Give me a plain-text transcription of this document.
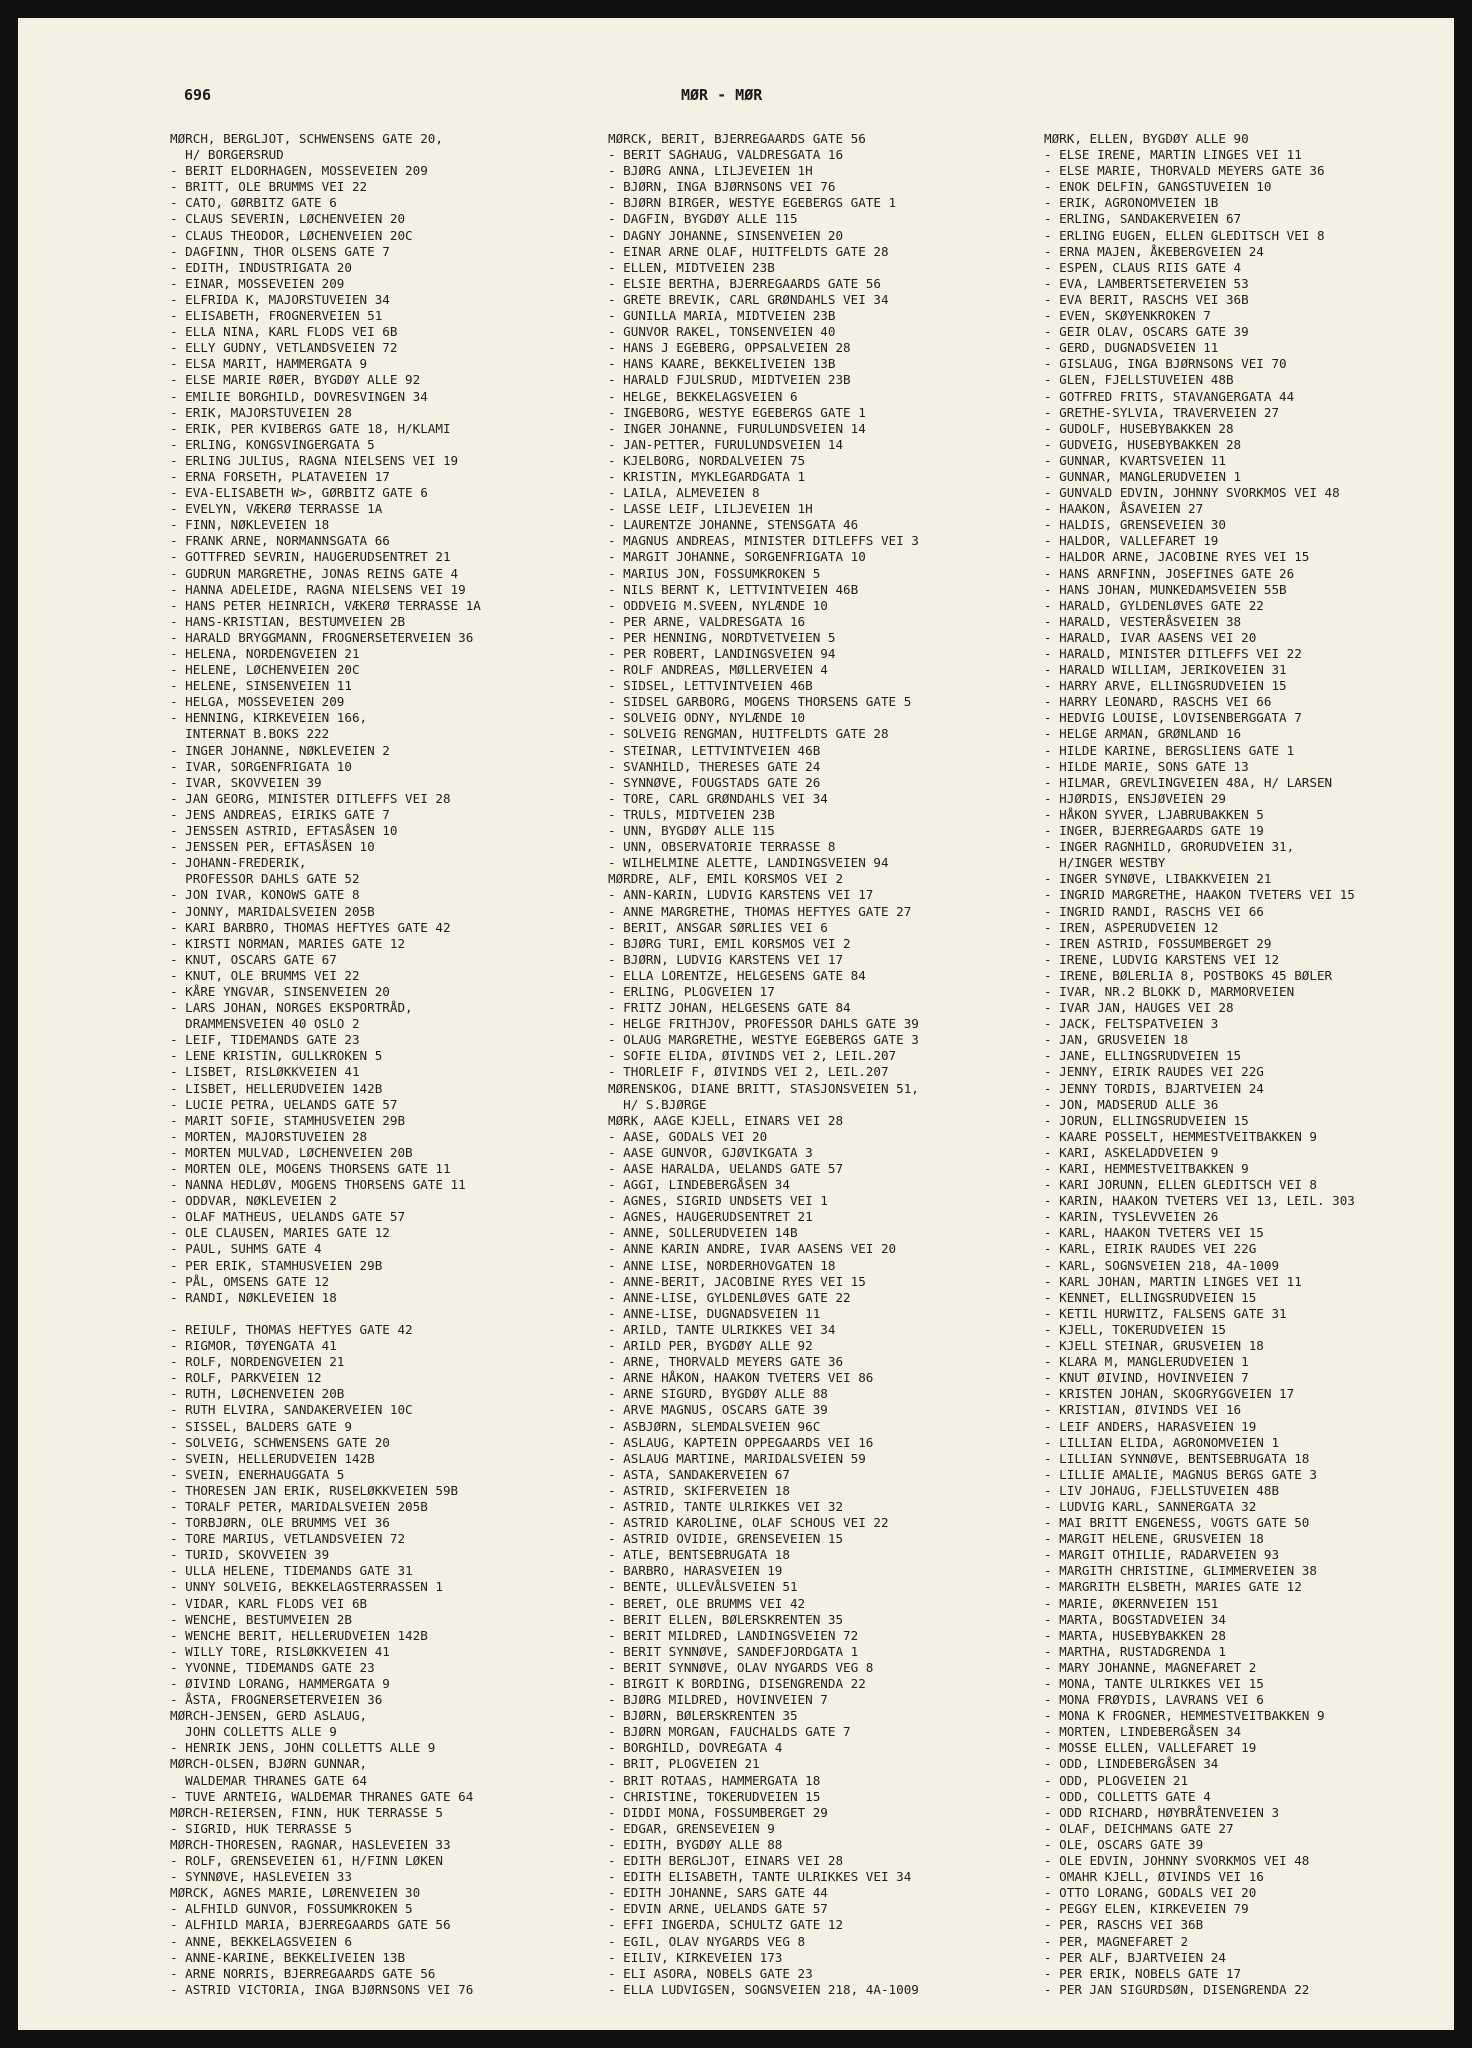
696	MØR - MØR
MØRCH, BERGLJOT, SCHWENSENS GATE 20,
H/ BORGERSRUD
- BERIT ELDORHAGEN, MOSSEVEIEN 209
- BRITT, OLE BRUMMS VEI 22
- CATO, GØRBITZ GATE 6
- CLAUS SEVERIN, LØCHENVEIEN 20
- CLAUS THEODOR, LØCHENVEIEN 20C
- DAGFINN, THOR OLSENS GATE 7
- EDITH, INDUSTRIGATA 20
- EINAR, MOSSEVEIEN 209
- ELFRIDA K, MAJORSTUVEIEN 34
- ELISABETH, FROGNERVEIEN 51
- ELLA NINA, KARL FLODS VEI 6B
- ELLY GUDNY, VETLANDSVEIEN 72
- ELSA MARIT, HAMMERGATA 9
- ELSE MARIE RØER, BYGDØY ALLE 92
- EMILIE BORGHILD, DOVRESVINGEN 34
- ERIK, MAJORSTUVEIEN 28
- ERIK, PER KVIBERGS GATE 18, H/KLAMI
- ERLING, KONGSVINGERGATA 5
- ERLING JULIUS, RAGNA NIELSENS VEI 19
- ERNA FORSETH, PLATAVEIEN 17
- EVA-ELISABETH W>, GØRBITZ GATE 6
- EVELYN, VÆKERØ TERRASSE 1A
- FINN, NØKLEVEIEN 18
- FRANK ARNE, NORMANNSGATA 66
- GOTTFRED SEVRIN, HAUGERUDSENTRET 21
- GUDRUN MARGRETHE, JONAS REINS GATE 4
- HANNA ADELEIDE, RAGNA NIELSENS VEI 19
- HANS PETER HEINRICH, VÆKERØ TERRASSE 1A
- HANS-KRISTIAN, BESTUMVEIEN 2B
- HARALD BRYGGMANN, FROGNERSETERVEIEN 36
- HELENA, NORDENGVEIEN 21
- HELENE, LØCHENVEIEN 20C
- HELENE, SINSENVEIEN 11
- HELGA, MOSSEVEIEN 209
- HENNING, KIRKEVEIEN 166,
INTERNAT B.BOKS 222
- INGER JOHANNE, NØKLEVEIEN 2
- IVAR, SORGENFRIGATA 10
- IVAR, SKOVVEIEN 39
- JAN GEORG, MINISTER DITLEFFS VEI 28
- JENS ANDREAS, EIRIKS GATE 7
- JENSSEN ASTRID, EFTASÅSEN 10
- JENSSEN PER, EFTASÅSEN 10
- JOHANN-FREDERIK,
PROFESSOR DAHLS GATE 52
- JON IVAR, KONOWS GATE 8
- JONNY, MARIDALSVEIEN 205B
- KARI BARBRO, THOMAS HEFTYES GATE 42
- KIRSTI NORMAN, MARIES GATE 12
- KNUT, OSCARS GATE 67
- KNUT, OLE BRUMMS VEI 22
- KÅRE YNGVAR, SINSENVEIEN 20
- LARS JOHAN, NORGES EKSPORTRÅD,
DRAMMENSVEIEN 40 OSLO 2
- LEIF, TIDEMANDS GATE 23
- LENE KRISTIN, GULLKROKEN 5
- LISBET, RISLØKKVEIEN 41
- LISBET, HELLERUDVEIEN 142B
- LUCIE PETRA, UELANDS GATE 57
- MARIT SOFIE, STAMHUSVEIEN 29B
- MORTEN, MAJORSTUVEIEN 28
- MORTEN MULVAD, LØCHENVEIEN 20B
- MORTEN OLE, MOGENS THORSENS GATE 11
- NANNA HEDLØV, MOGENS THORSENS GATE 11
- ODDVAR, NØKLEVEIEN 2
- OLAF MATHEUS, UELANDS GATE 57
- OLE CLAUSEN, MARIES GATE 12
- PAUL, SUHMS GATE 4
- PER ERIK, STAMHUSVEIEN 29B
- PÅL, OMSENS GATE 12
- RANDI, NØKLEVEIEN 18
- REIULF, THOMAS HEFTYES GATE 42
- RIGMOR, TØYENGATA 41
- ROLF, NORDENGVEIEN 21
- ROLF, PARKVEIEN 12
- RUTH, LØCHENVEIEN 20B
- RUTH ELVIRA, SANDAKERVEIEN 10C
- SISSEL, BALDERS GATE 9
- SOLVEIG, SCHWENSENS GATE 20
- SVEIN, HELLERUDVEIEN 142B
- SVEIN, ENERHAUGGATA 5
- THORESEN JAN ERIK, RUSELØKKVEIEN 59B
- TORALF PETER, MARIDALSVEIEN 205B
- TORBJØRN, OLE BRUMMS VEI 36
- TORE MARIUS, VETLANDSVEIEN 72
- TURID, SKOVVEIEN 39
- ULLA HELENE, TIDEMANDS GATE 31
- UNNY SOLVEIG, BEKKELAGSTERRASSEN 1
- VIDAR, KARL FLODS VEI 6B
- WENCHE, BESTUMVEIEN 2B
- WENCHE BERIT, HELLERUDVEIEN 142B
- WILLY TORE, RISLØKKVEIEN 41
- YVONNE, TIDEMANDS GATE 23
- ØIVIND LORANG, HAMMERGATA 9
- ÅSTA, FROGNERSETERVEIEN 36
MØRCH-JENSEN, GERD ASLAUG,
JOHN COLLETTS ALLE 9
- HENRIK JENS, JOHN COLLETTS ALLE 9
MØRCH-OLSEN, BJØRN GUNNAR,
WALDEMAR THRANES GATE 64
- TUVE ARNTEIG, WALDEMAR THRANES GATE 64
MØRCH-REIERSEN, FINN, HUK TERRASSE 5
- SIGRID, HUK TERRASSE 5
MØRCH-THORESEN, RAGNAR, HASLEVEIEN 33
- ROLF, GRENSEVEIEN 61, H/FINN LØKEN
- SYNNØVE, HASLEVEIEN 33
MØRCK, AGNES MARIE, LØRENVEIEN 30
- ALFHILD GUNVOR, FOSSUMKROKEN 5
- ALFHILD MARIA, BJERREGAARDS GATE 56
- ANNE, BEKKELAGSVEIEN 6
- ANNE-KARINE, BEKKELIVEIEN 13B
- ARNE NORRIS, BJERREGAARDS GATE 56
- ASTRID VICTORIA, INGA BJØRNSONS VEI 76
MØRCK, BERIT, BJERREGAARDS GATE 56
- BERIT SAGHAUG, VALDRESGATA 16
- BJØRG ANNA, LILJEVEIEN 1H
- BJØRN, INGA BJØRNSONS VEI 76
- BJØRN BIRGER, WESTYE EGEBERGS GATE 1
- DAGFIN, BYGDØY ALLE 115
- DAGNY JOHANNE, SINSENVEIEN 20
- EINAR ARNE OLAF, HUITFELDTS GATE 28
- ELLEN, MIDTVEIEN 23B
- ELSIE BERTHA, BJERREGAARDS GATE 56
- GRETE BREVIK, CARL GRØNDAHLS VEI 34
- GUNILLA MARIA, MIDTVEIEN 23B
- GUNVOR RAKEL, TONSENVEIEN 40
- HANS J EGEBERG, OPPSALVEIEN 28
- HANS KAARE, BEKKELIVEIEN 13B
- HARALD FJULSRUD, MIDTVEIEN 23B
- HELGE, BEKKELAGSVEIEN 6
- INGEBORG, WESTYE EGEBERGS GATE 1
- INGER JOHANNE, FURULUNDSVEIEN 14
- JAN-PETTER, FURULUNDSVEIEN 14
- KJELBORG, NORDALVEIEN 75
- KRISTIN, MYKLEGARDGATA 1
- LAILA, ALMEVEIEN 8
- LASSE LEIF, LILJEVEIEN 1H
- LAURENTZE JOHANNE, STENSGATA 46
- MAGNUS ANDREAS, MINISTER DITLEFFS VEI 3
- MARGIT JOHANNE, SORGENFRIGATA 10
- MARIUS JON, FOSSUMKROKEN 5
- NILS BERNT K, LETTVINTVEIEN 46B
- ODDVEIG M.SVEEN, NYLÆNDE 10
- PER ARNE, VALDRESGATA 16
- PER HENNING, NORDTVETVEIEN 5
- PER ROBERT, LANDINGSVEIEN 94
- ROLF ANDREAS, MØLLERVEIEN 4
- SIDSEL, LETTVINTVEIEN 46B
- SIDSEL GARBORG, MOGENS THORSENS GATE 5
- SOLVEIG ODNY, NYLÆNDE 10
- SOLVEIG RENGMAN, HUITFELDTS GATE 28
- STEINAR, LETTVINTVEIEN 46B
- SVANHILD, THERESES GATE 24
- SYNNØVE, FOUGSTADS GATE 26
- TORE, CARL GRØNDAHLS VEI 34
- TRULS, MIDTVEIEN 23B
- UNN, BYGDØY ALLE 115
- UNN, OBSERVATORIE TERRASSE 8
- WILHELMINE ALETTE, LANDINGSVEIEN 94
MØRDRE, ALF, EMIL KORSMOS VEI 2
- ANN-KARIN, LUDVIG KARSTENS VEI 17
- ANNE MARGRETHE, THOMAS HEFTYES GATE 27
- BERIT, ANSGAR SØRLIES VEI 6
- BJØRG TURI, EMIL KORSMOS VEI 2
- BJØRN, LUDVIG KARSTENS VEI 17
- ELLA LORENTZE, HELGESENS GATE 84
- ERLING, PLOGVEIEN 17
- FRITZ JOHAN, HELGESENS GATE 84
- HELGE FRITHJOV, PROFESSOR DAHLS GATE 39
- OLAUG MARGRETHE, WESTYE EGEBERGS GATE 3
- SOFIE ELIDA, ØIVINDS VEI 2, LEIL.207
- THORLEIF F, ØIVINDS VEI 2, LEIL.207
MØRENSKOG, DIANE BRITT, STASJONSVEIEN 51,
H/ S.BJØRGE
MØRK, AAGE KJELL, EINARS VEI 28
- AASE, GODALS VEI 20
- AASE GUNVOR, GJØVIKGATA 3
- AASE HARALDA, UELANDS GATE 57
- AGGI, LINDEBERGÅSEN 34
- AGNES, SIGRID UNDSETS VEI 1
- AGNES, HAUGERUDSENTRET 21
- ANNE, SOLLERUDVEIEN 14B
- ANNE KARIN ANDRE, IVAR AASENS VEI 20
- ANNE LISE, NORDERHOVGATEN 18
- ANNE-BERIT, JACOBINE RYES VEI 15
- ANNE-LISE, GYLDENLØVES GATE 22
- ANNE-LISE, DUGNADSVEIEN 11
- ARILD, TANTE ULRIKKES VEI 34
- ARILD PER, BYGDØY ALLE 92
- ARNE, THORVALD MEYERS GATE 36
- ARNE HÅKON, HAAKON TVETERS VEI 86
- ARNE SIGURD, BYGDØY ALLE 88
- ARVE MAGNUS, OSCARS GATE 39
- ASBJØRN, SLEMDALSVEIEN 96C
- ASLAUG, KAPTEIN OPPEGAARDS VEI 16
- ASLAUG MARTINE, MARIDALSVEIEN 59
- ASTA, SANDAKERVEIEN 67
- ASTRID, SKIFERVEIEN 18
- ASTRID, TANTE ULRIKKES VEI 32
- ASTRID KAROLINE, OLAF SCHOUS VEI 22
- ASTRID OVIDIE, GRENSEVEIEN 15
- ATLE, BENTSEBRUGATA 18
- BARBRO, HARASVEIEN 19
- BENTE, ULLEVÅLSVEIEN 51
- BERET, OLE BRUMMS VEI 42
- BERIT ELLEN, BØLERSKRENTEN 35
- BERIT MILDRED, LANDINGSVEIEN 72
- BERIT SYNNØVE, SANDEFJORDGATA 1
- BERIT SYNNØVE, OLAV NYGARDS VEG 8
- BIRGIT K BORDING, DISENGRENDA 22
- BJØRG MILDRED, HOVINVEIEN 7
- BJØRN, BØLERSKRENTEN 35
- BJØRN MORGAN, FAUCHALDS GATE 7
- BORGHILD, DOVREGATA 4
- BRIT, PLOGVEIEN 21
- BRIT ROTAAS, HAMMERGATA 18
- CHRISTINE, TOKERUDVEIEN 15
- DIDDI MONA, FOSSUMBERGET 29
- EDGAR, GRENSEVEIEN 9
- EDITH, BYGDØY ALLE 88
- EDITH BERGLJOT, EINARS VEI 28
- EDITH ELISABETH, TANTE ULRIKKES VEI 34
- EDITH JOHANNE, SARS GATE 44
- EDVIN ARNE, UELANDS GATE 57
- EFFI INGERDA, SCHULTZ GATE 12
- EGIL, OLAV NYGARDS VEG 8
- EILIV, KIRKEVEIEN 173
- ELI ASORA, NOBELS GATE 23
- ELLA LUDVIGSEN, SOGNSVEIEN 218, 4A-1009
MØRK, ELLEN, BYGDØY ALLE 90
- ELSE IRENE, MARTIN LINGES VEI 11
- ELSE MARIE, THORVALD MEYERS GATE 36
- ENOK DELFIN, GANGSTUVEIEN 10
- ERIK, AGRONOMVEIEN 1B
- ERLING, SANDAKERVEIEN 67
- ERLING EUGEN, ELLEN GLEDITSCH VEI 8
- ERNA MAJEN, ÅKEBERGVEIEN 24
- ESPEN, CLAUS RIIS GATE 4
- EVA, LAMBERTSETERVEIEN 53
- EVA BERIT, RASCHS VEI 36B
- EVEN, SKØYENKROKEN 7
- GEIR OLAV, OSCARS GATE 39
- GERD, DUGNADSVEIEN 11
- GISLAUG, INGA BJØRNSONS VEI 70
- GLEN, FJELLSTUVEIEN 48B
- GOTFRED FRITS, STAVANGERGATA 44
- GRETHE-SYLVIA, TRAVERVEIEN 27
- GUDOLF, HUSEBYBAKKEN 28
- GUDVEIG, HUSEBYBAKKEN 28
- GUNNAR, KVARTSVEIEN 11
- GUNNAR, MANGLERUDVEIEN 1
- GUNVALD EDVIN, JOHNNY SVORKMOS VEI 48
- HAAKON, ÅSAVEIEN 27
- HALDIS, GRENSEVEIEN 30
- HALDOR, VALLEFARET 19
- HALDOR ARNE, JACOBINE RYES VEI 15
- HANS ARNFINN, JOSEFINES GATE 26
- HANS JOHAN, MUNKEDAMSVEIEN 55B
- HARALD, GYLDENLØVES GATE 22
- HARALD, VESTERÅSVEIEN 38
- HARALD, IVAR AASENS VEI 20
- HARALD, MINISTER DITLEFFS VEI 22
- HARALD WILLIAM, JERIKOVEIEN 31
- HARRY ARVE, ELLINGSRUDVEIEN 15
- HARRY LEONARD, RASCHS VEI 66
- HEDVIG LOUISE, LOVISENBERGGATA 7
- HELGE ARMAN, GRØNLAND 16
- HILDE KARINE, BERGSLIENS GATE 1
- HILDE MARIE, SONS GATE 13
- HILMAR, GREVLINGVEIEN 48A, H/ LARSEN
- HJØRDIS, ENSJØVEIEN 29
- HÅKON SYVER, LJABRUBAKKEN 5
- INGER, BJERREGAARDS GATE 19
- INGER RAGNHILD, GRORUDVEIEN 31,
H/INGER WESTBY
- INGER SYNØVE, LIBAKKVEIEN 21
- INGRID MARGRETHE, HAAKON TVETERS VEI 15
- INGRID RANDI, RASCHS VEI 66
- IREN, ASPERUDVEIEN 12
- IREN ASTRID, FOSSUMBERGET 29
- IRENE, LUDVIG KARSTENS VEI 12
- IRENE, BØLERLIA 8, POSTBOKS 45 BØLER
- IVAR, NR.2 BLOKK D, MARMORVEIEN
- IVAR JAN, HAUGES VEI 28
- JACK, FELTSPATVEIEN 3
- JAN, GRUSVEIEN 18
- JANE, ELLINGSRUDVEIEN 15
- JENNY, EIRIK RAUDES VEI 22G
- JENNY TORDIS, BJARTVEIEN 24
- JON, MADSERUD ALLE 36
- JORUN, ELLINGSRUDVEIEN 15
- KAARE POSSELT, HEMMESTVEITBAKKEN 9
- KARI, ASKELADDVEIEN 9
- KARI, HEMMESTVEITBAKKEN 9
- KARI JORUNN, ELLEN GLEDITSCH VEI 8
- KARIN, HAAKON TVETERS VEI 13, LEIL. 303
- KARIN, TYSLEVVEIEN 26
- KARL, HAAKON TVETERS VEI 15
- KARL, EIRIK RAUDES VEI 22G
- KARL, SOGNSVEIEN 218, 4A-1009
- KARL JOHAN, MARTIN LINGES VEI 11
- KENNET, ELLINGSRUDVEIEN 15
- KETIL HURWITZ, FALSENS GATE 31
- KJELL, TOKERUDVEIEN 15
- KJELL STEINAR, GRUSVEIEN 18
- KLARA M, MANGLERUDVEIEN 1
- KNUT ØIVIND, HOVINVEIEN 7
- KRISTEN JOHAN, SKOGRYGGVEIEN 17
- KRISTIAN, ØIVINDS VEI 16
- LEIF ANDERS, HARASVEIEN 19
- LILLIAN ELIDA, AGRONOMVEIEN 1
- LILLIAN SYNNØVE, BENTSEBRUGATA 18
- LILLIE AMALIE, MAGNUS BERGS GATE 3
- LIV JOHAUG, FJELLSTUVEIEN 48B
- LUDVIG KARL, SANNERGATA 32
- MAI BRITT ENGENESS, VOGTS GATE 50
- MARGIT HELENE, GRUSVEIEN 18
- MARGIT OTHILIE, RADARVEIEN 93
- MARGITH CHRISTINE, GLIMMERVEIEN 38
- MARGRITH ELSBETH, MARIES GATE 12
- MARIE, ØKERNVEIEN 151
- MARTA, BOGSTADVEIEN 34
- MARTA, HUSEBYBAKKEN 28
- MARTHA, RUSTADGRENDA 1
- MARY JOHANNE, MAGNEFARET 2
- MONA, TANTE ULRIKKES VEI 15
- MONA FRØYDIS, LAVRANS VEI 6
- MONA K FROGNER, HEMMESTVEITBAKKEN 9
- MORTEN, LINDEBERGÅSEN 34
- MOSSE ELLEN, VALLEFARET 19
- ODD, LINDEBERGÅSEN 34
- ODD, PLOGVEIEN 21
- ODD, COLLETTS GATE 4
- ODD RICHARD, HØYBRÅTENVEIEN 3
- OLAF, DEICHMANS GATE 27
- OLE, OSCARS GATE 39
- OLE EDVIN, JOHNNY SVORKMOS VEI 48
- OMAHR KJELL, ØIVINDS VEI 16
- OTTO LORANG, GODALS VEI 20
- PEGGY ELEN, KIRKEVEIEN 79
- PER, RASCHS VEI 36B
- PER, MAGNEFARET 2
- PER ALF, BJARTVEIEN 24
- PER ERIK, NOBELS GATE 17
- PER JAN SIGURDSØN, DISENGRENDA 22
